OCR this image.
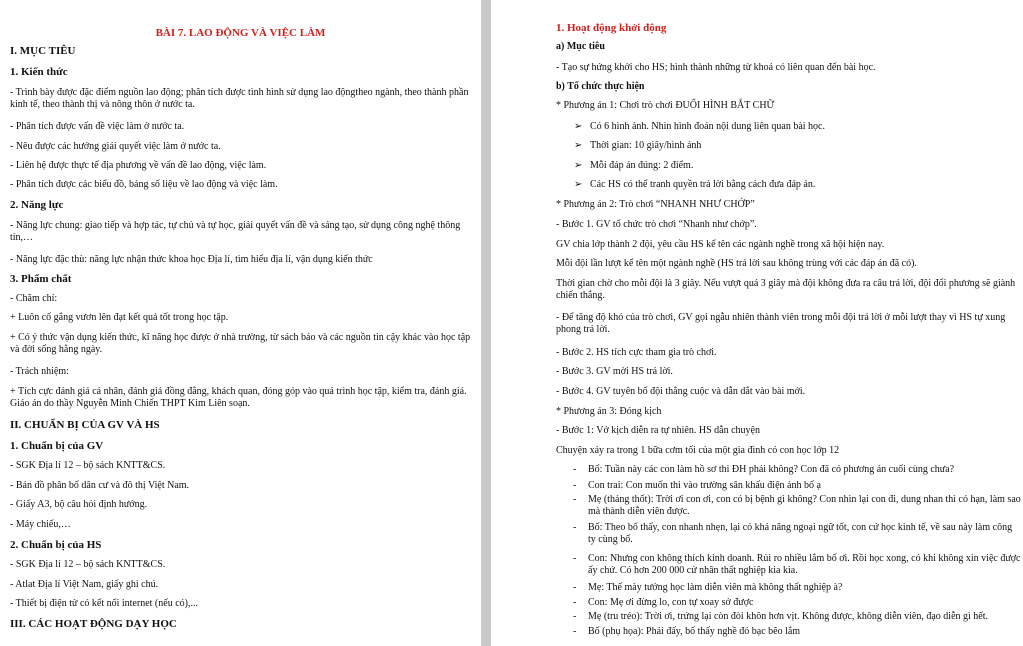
BÀI 7. LAO ĐỘNG VÀ VIỆC LÀM
I. MỤC TIÊU
1. Kiến thức
- Trình bày được đặc điểm nguồn lao động; phân tích được tình hình sử dụng lao độngtheo ngành, theo thành phần kinh tế, theo thành thị và nông thôn ở nước ta.
- Phân tích được vấn đề việc làm ở nước ta.
- Nêu được các hướng giải quyết việc làm ở nước ta.
- Liên hệ được thực tế địa phương về vấn đề lao động, việc làm.
- Phân tích được các biểu đồ, bảng số liệu về lao động và việc làm.
2. Năng lực
- Năng lực chung: giao tiếp và hợp tác, tự chủ và tự học, giải quyết vấn đề và sáng tạo, sử dụng công nghệ thông tin,…
- Năng lực đặc thù: năng lực nhận thức khoa học Địa lí, tìm hiểu địa lí, vận dụng kiến thức
3. Phẩm chất
- Chăm chỉ:
+ Luôn cố gắng vươn lên đạt kết quả tốt trong học tập.
+ Có ý thức vận dụng kiến thức, kĩ năng học được ở nhà trường, từ sách báo và các nguồn tin cậy khác vào học tập và đời sống hằng ngày.
- Trách nhiệm:
+ Tích cực đánh giá cá nhân, đánh giá đồng đẳng, khách quan, đóng góp vào quá trình học tập, kiểm tra, đánh giá. Giáo án do thầy Nguyễn Minh Chiến THPT Kim Liên soạn.
II. CHUẨN BỊ CỦA GV VÀ HS
1. Chuẩn bị của GV
- SGK Địa lí 12 – bộ sách KNTT&CS.
- Bản đồ phân bố dân cư và đô thị Việt Nam.
- Giấy A3, bộ câu hỏi định hướng.
- Máy chiếu,…
2. Chuẩn bị của HS
- SGK Địa lí 12 – bộ sách KNTT&CS.
- Atlat Địa lí Việt Nam, giấy ghi chú.
- Thiết bị điện tử có kết nối internet (nếu có),...
III. CÁC HOẠT ĐỘNG DẠY HỌC
1. Hoạt động khởi động
a) Mục tiêu
- Tạo sự hứng khởi cho HS; hình thành những từ khoá có liên quan đến bài học.
b) Tổ chức thực hiện
* Phương án 1: Chơi trò chơi ĐUỔI HÌNH BẮT CHỮ
➢ Có 6 hình ảnh. Nhìn hình đoán nội dung liên quan bài học.
➢ Thời gian: 10 giây/hình ảnh
➢ Mỗi đáp án đúng: 2 điểm.
➢ Các HS có thể tranh quyền trả lời bằng cách đưa đáp án.
* Phương án 2: Trò chơi “NHANH NHƯ CHỚP”
- Bước 1. GV tổ chức trò chơi “Nhanh như chớp”.
GV chia lớp thành 2 đội, yêu cầu HS kể tên các ngành nghề trong xã hội hiện nay.
Mỗi đội lần lượt kể tên một ngành nghề (HS trả lời sau không trùng với các đáp án đã có).
Thời gian chờ cho mỗi đội là 3 giây. Nếu vượt quá 3 giây mà đội không đưa ra câu trả lời, đội đối phương sẽ giành chiến thắng.
- Để tăng độ khó của trò chơi, GV gọi ngẫu nhiên thành viên trong mỗi đội trả lời ở mỗi lượt thay vì HS tự xung phong trả lời.
- Bước 2. HS tích cực tham gia trò chơi.
- Bước 3. GV mời HS trả lời.
- Bước 4. GV tuyên bố đội thắng cuộc và dẫn dắt vào bài mới.
* Phương án 3: Đóng kịch
- Bước 1: Vở kịch diễn ra tự nhiên. HS dẫn chuyện
Chuyện xảy ra trong 1 bữa cơm tối của một gia đình có con học lớp 12
- Bố: Tuần này các con làm hồ sơ thi ĐH phải không? Con đã có phương án cuối cùng chưa?
- Con trai: Con muốn thi vào trường sân khấu điện ảnh bố ạ
- Mẹ (thảng thốt): Trời ơi con ơi, con có bị bệnh gì không? Con nhìn lại con đi, dung nhan thì có hạn, làm sao mà thành diễn viên được.
- Bố: Theo bố thấy, con nhanh nhẹn, lại có khả năng ngoại ngữ tốt, con cứ học kinh tế, về sau này làm công ty cùng bố.
- Con: Nhưng con không thích kinh doanh. Rủi ro nhiều lắm bố ơi. Rồi học xong, có khi không xin việc được ấy chứ. Có hơn 200 000 cử nhân thất nghiệp kia kìa.
- Mẹ: Thế mày tưởng học làm diễn viên mà không thất nghiệp à?
- Con: Mẹ ơi đừng lo, con tự xoay sở được
- Mẹ (tru tréo): Trời ơi, trứng lại còn đòi khôn hơn vịt. Không được, không diễn viên, đạo diễn gì hết.
- Bố (phụ họa): Phải đấy, bố thấy nghề đó bạc bẽo lắm
